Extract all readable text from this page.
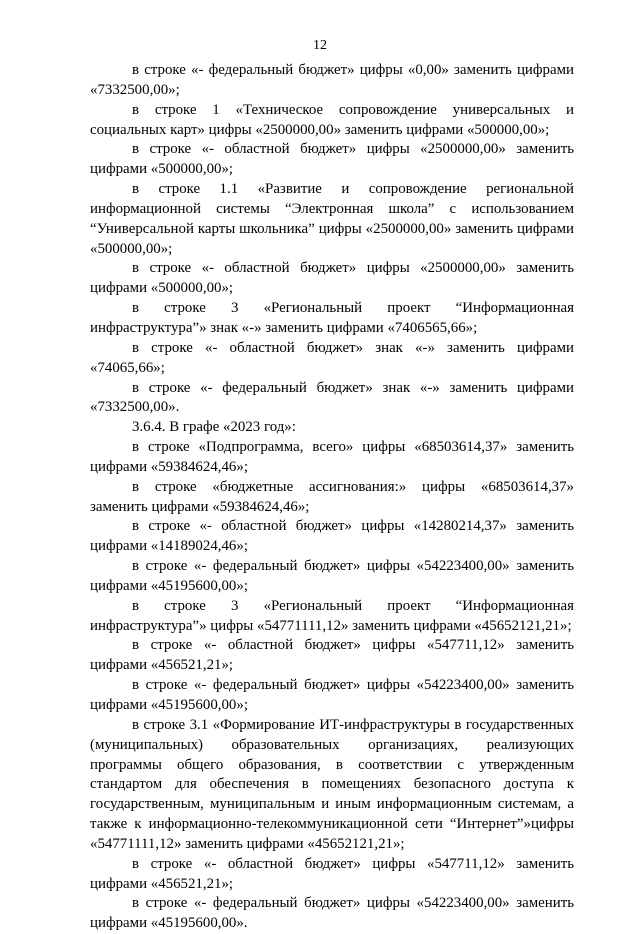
12

в строке «- федеральный бюджет» цифры «0,00» заменить цифрами «7332500,00»;

в строке 1 «Техническое сопровождение универсальных и социальных карт» цифры «2500000,00» заменить цифрами «500000,00»;

в строке «- областной бюджет» цифры «2500000,00» заменить цифрами «500000,00»;

в строке 1.1 «Развитие и сопровождение региональной информационной системы “Электронная школа” с использованием “Универсальной карты школьника” цифры «2500000,00» заменить цифрами «500000,00»;

в строке «- областной бюджет» цифры «2500000,00» заменить цифрами «500000,00»;

в строке 3 «Региональный проект “Информационная инфраструктура”» знак «-» заменить цифрами «7406565,66»;

в строке «- областной бюджет» знак «-» заменить цифрами «74065,66»;

в строке «- федеральный бюджет» знак «-» заменить цифрами «7332500,00».

3.6.4. В графе «2023 год»:

в строке «Подпрограмма, всего» цифры «68503614,37» заменить цифрами «59384624,46»;

в строке «бюджетные ассигнования:» цифры «68503614,37» заменить цифрами «59384624,46»;

в строке «- областной бюджет» цифры «14280214,37» заменить цифрами «14189024,46»;

в строке «- федеральный бюджет» цифры «54223400,00» заменить цифрами «45195600,00»;

в строке 3 «Региональный проект “Информационная инфраструктура”» цифры «54771111,12» заменить цифрами «45652121,21»;

в строке «- областной бюджет» цифры «547711,12» заменить цифрами «456521,21»;

в строке «- федеральный бюджет» цифры «54223400,00» заменить цифрами «45195600,00»;

в строке 3.1 «Формирование ИТ-инфраструктуры в государственных (муниципальных) образовательных организациях, реализующих программы общего образования, в соответствии с утвержденным стандартом для обеспечения в помещениях безопасного доступа к государственным, муниципальным и иным информационным системам, а также к информационно-телекоммуникационной сети “Интернет”»цифры «54771111,12» заменить цифрами «45652121,21»;

в строке «- областной бюджет» цифры «547711,12» заменить цифрами «456521,21»;

в строке «- федеральный бюджет» цифры «54223400,00» заменить цифрами «45195600,00».
